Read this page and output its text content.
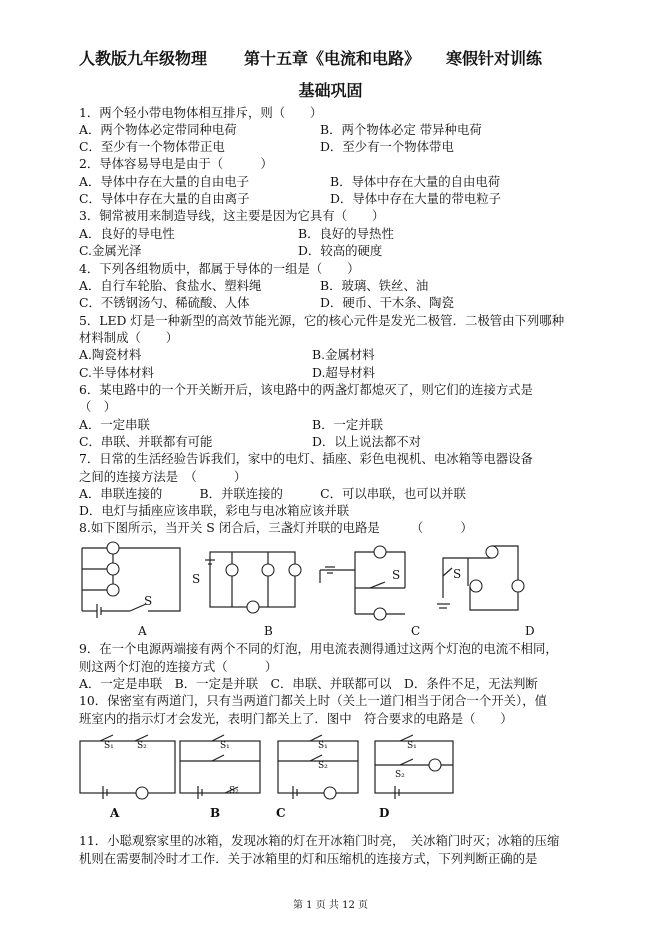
人教版九年级物理 第十五章《电流和电路》 寒假针对训练
基础巩固
1．两个轻小带电物体相互排斥，则（　　）
A．两个物体必定带同种电荷	B．两个物体必定 带异种电荷
C．至少有一个物体带正电	D．至少有一个物体带电
2．导体容易导电是由于（　　　）
A．导体中存在大量的自由电子	B．导体中存在大量的自由电荷
C．导体中存在大量的自由离子	D．导体中存在大量的带电粒子
3．铜常被用来制造导线，这主要是因为它具有（　　）
A．良好的导电性	B．良好的导热性
C.金属光泽	D．较高的硬度
4．下列各组物质中，都属于导体的一组是（　　）
A．自行车轮胎、食盐水、塑料绳	B．玻璃、铁丝、油
C．不锈钢汤勺、稀硫酸、人体	D．硬币、干木条、陶瓷
5．LED 灯是一种新型的高效节能光源，它的核心元件是发光二极管．二极管由下列哪种
材料制成（　　）
A.陶瓷材料	B.金属材料
C.半导体材料	D.超导材料
6．某电路中的一个开关断开后，该电路中的两盏灯都熄灭了，则它们的连接方式是
（　）
A．一定串联	B．一定并联
C．串联、并联都有可能	D．以上说法都不对
7．日常的生活经验告诉我们，家中的电灯、插座、彩色电视机、电冰箱等电器设备
之间的连接方法是　（　　　）
A．串联连接的　　　B．并联连接的　　　C．可以串联，也可以并联
D．电灯与插座应该串联，彩电与电冰箱应该并联
8.如下图所示，当开关 S 闭合后，三盏灯并联的电路是　　　（　　　）
S
S	S	S
A	B	C	D
9．在一个电源两端接有两个不同的灯泡，用电流表测得通过这两个灯泡的电流不相同，
则这两个灯泡的连接方式（　　　）
A．一定是串联　B．一定是并联　C．串联、并联都可以　D．条件不足，无法判断
10．保密室有两道门，只有当两道门都关上时（关上一道门相当于闭合一个开关），值
班室内的指示灯才会发光，表明门都关上了．图中　符合要求的电路是（　　）
S₁	S₂	S₁
S₂
S₁
S₂
S₁
S₂
A	B	C	D
11．小聪观察家里的冰箱，发现冰箱的灯在开冰箱门时亮，　关冰箱门时灭；冰箱的压缩
机则在需要制冷时才工作．关于冰箱里的灯和压缩机的连接方式，下列判断正确的是
第 1 页 共 12 页
